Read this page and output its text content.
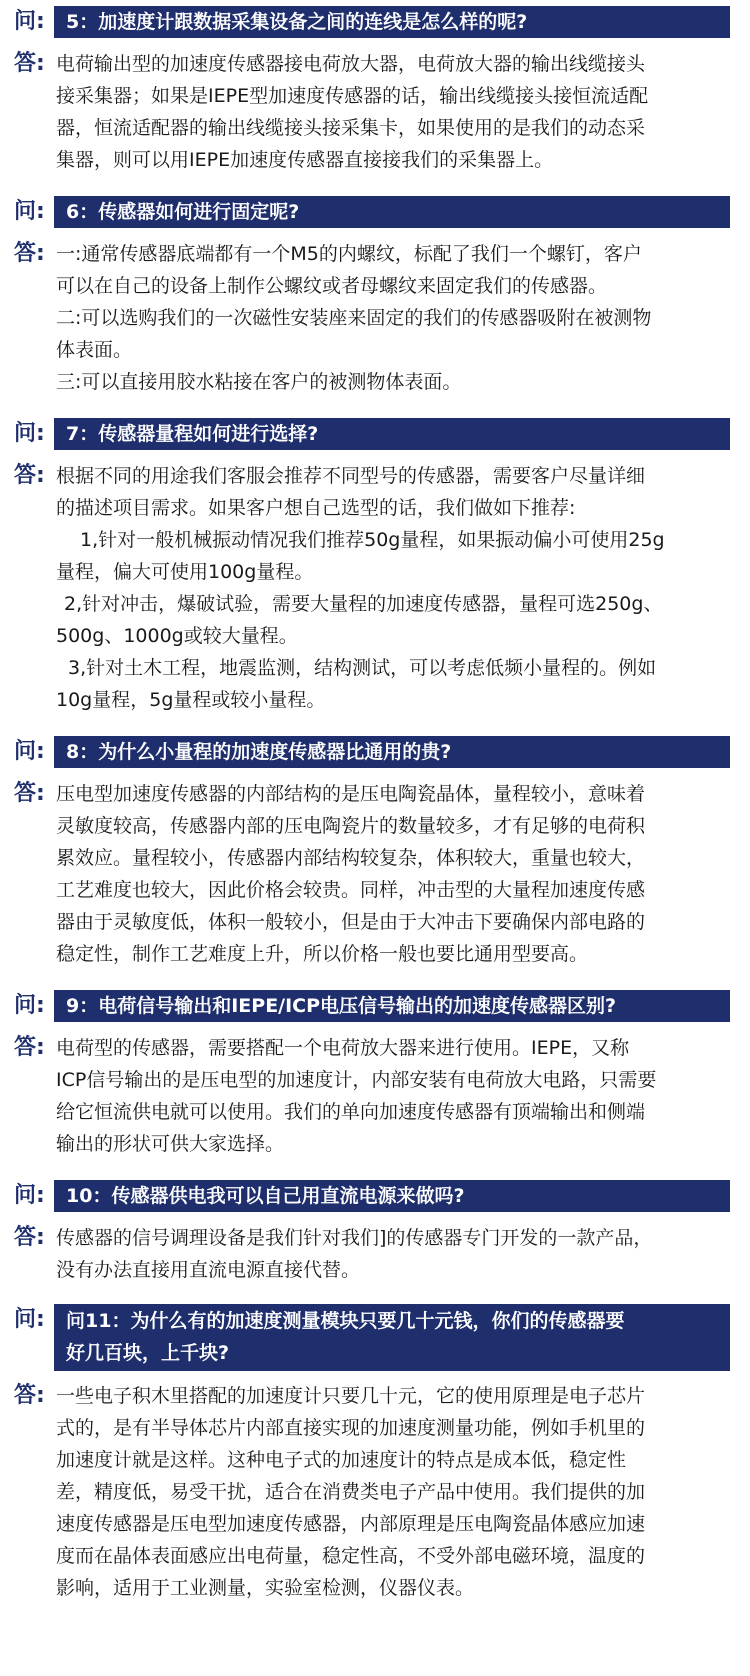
问:	5：加速度计跟数据采集设备之间的连线是怎么样的呢?
答: 电荷输出型的加速度传感器接电荷放大器，电荷放大器的输出线缆接头
接采集器；如果是IEPE型加速度传感器的话，输出线缆接头接恒流适配
器，恒流适配器的输出线缆接头接采集卡，如果使用的是我们的动态采
集器，则可以用IEPE加速度传感器直接接我们的采集器上。
问:	6：传感器如何进行固定呢?
答: 一:通常传感器底端都有一个M5的内螺纹，标配了我们一个螺钉，客户
可以在自己的设备上制作公螺纹或者母螺纹来固定我们的传感器。
二:可以选购我们的一次磁性安装座来固定的我们的传感器吸附在被测物
体表面。
三:可以直接用胶水粘接在客户的被测物体表面。
问:	7：传感器量程如何进行选择?
答: 根据不同的用途我们客服会推荐不同型号的传感器，需要客户尽量详细
的描述项目需求。如果客户想自己选型的话，我们做如下推荐:
1,针对一般机械振动情况我们推荐50g量程，如果振动偏小可使用25g
量程，偏大可使用100g量程。
2,针对冲击，爆破试验，需要大量程的加速度传感器，量程可选250g、
500g、1000g或较大量程。
3,针对土木工程，地震监测，结构测试，可以考虑低频小量程的。例如
10g量程，5g量程或较小量程。
问:	8：为什么小量程的加速度传感器比通用的贵?
答: 压电型加速度传感器的内部结构的是压电陶瓷晶体，量程较小，意味着
灵敏度较高，传感器内部的压电陶瓷片的数量较多，才有足够的电荷积
累效应。量程较小，传感器内部结构较复杂，体积较大，重量也较大，
工艺难度也较大，因此价格会较贵。同样，冲击型的大量程加速度传感
器由于灵敏度低，体积一般较小，但是由于大冲击下要确保内部电路的
稳定性，制作工艺难度上升，所以价格一般也要比通用型要高。
问:	9：电荷信号输出和IEPE/ICP电压信号输出的加速度传感器区别?
答: 电荷型的传感器，需要搭配一个电荷放大器来进行使用。IEPE，又称
ICP信号输出的是压电型的加速度计，内部安装有电荷放大电路，只需要
给它恒流供电就可以使用。我们的单向加速度传感器有顶端输出和侧端
输出的形状可供大家选择。
问:	10：传感器供电我可以自己用直流电源来做吗?
答: 传感器的信号调理设备是我们针对我们]的传感器专门开发的一款产品，
没有办法直接用直流电源直接代替。
问:	问11：为什么有的加速度测量模块只要几十元钱，你们的传感器要
好几百块，上千块?
答: 一些电子积木里搭配的加速度计只要几十元，它的使用原理是电子芯片
式的，是有半导体芯片内部直接实现的加速度测量功能，例如手机里的
加速度计就是这样。这种电子式的加速度计的特点是成本低，稳定性
差，精度低，易受干扰，适合在消费类电子产品中使用。我们提供的加
速度传感器是压电型加速度传感器，内部原理是压电陶瓷晶体感应加速
度而在晶体表面感应出电荷量，稳定性高，不受外部电磁环境，温度的
影响，适用于工业测量，实验室检测，仪器仪表。
